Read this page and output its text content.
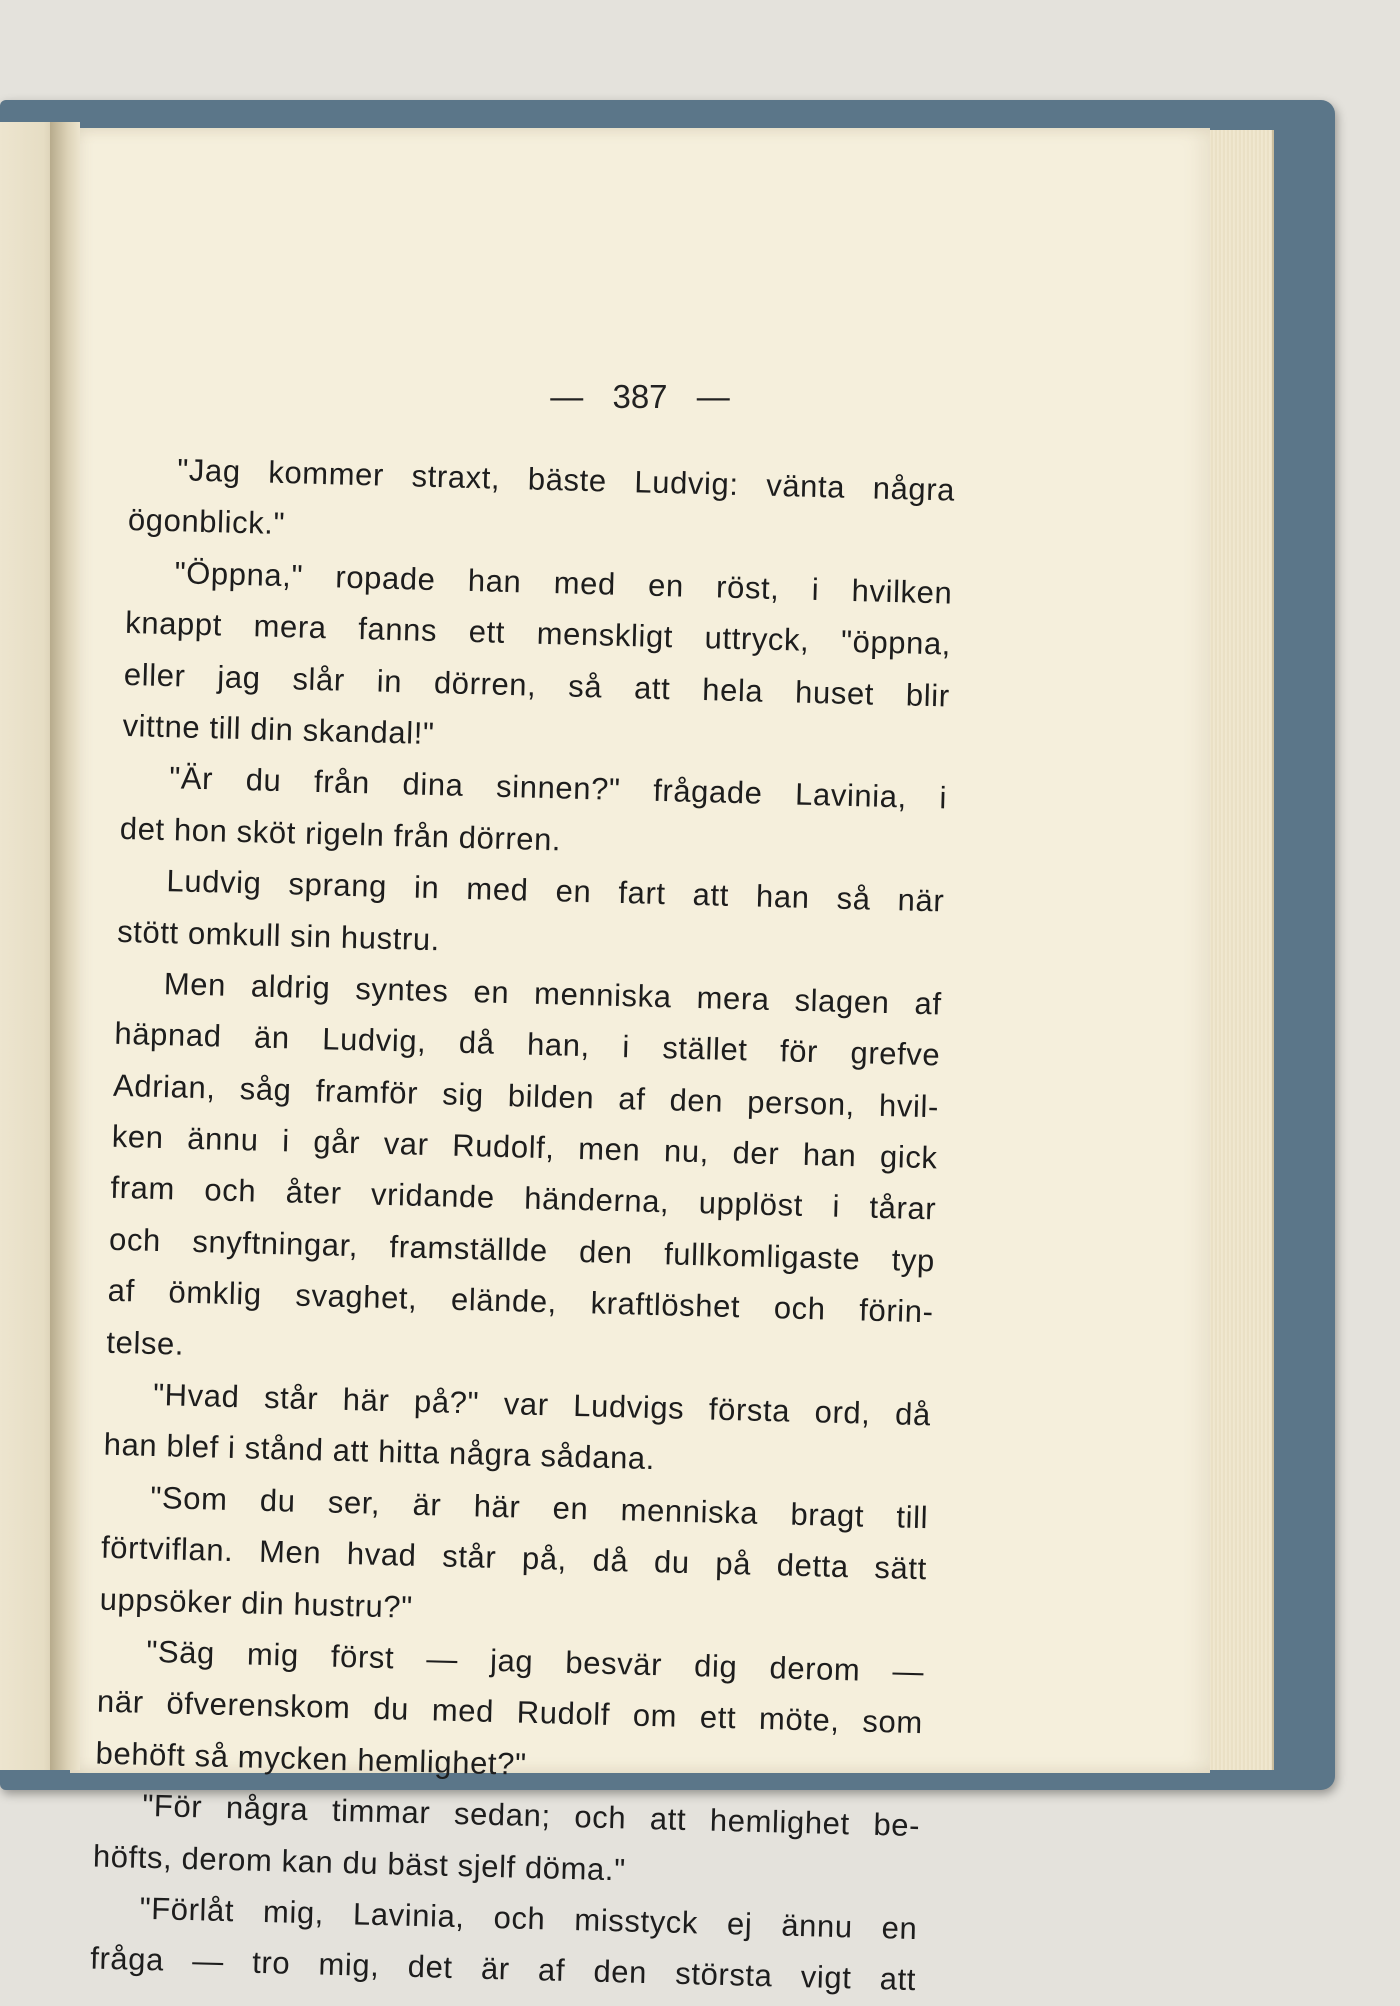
— 387 —
"Jag kommer straxt, bäste Ludvig: vänta några
ögonblick."
"Öppna," ropade han med en röst, i hvilken
knappt mera fanns ett menskligt uttryck, "öppna,
eller jag slår in dörren, så att hela huset blir
vittne till din skandal!"
"Är du från dina sinnen?" frågade Lavinia, i
det hon sköt rigeln från dörren.
Ludvig sprang in med en fart att han så när
stött omkull sin hustru.
Men aldrig syntes en menniska mera slagen af
häpnad än Ludvig, då han, i stället för grefve
Adrian, såg framför sig bilden af den person, hvil-
ken ännu i går var Rudolf, men nu, der han gick
fram och åter vridande händerna, upplöst i tårar
och snyftningar, framställde den fullkomligaste typ
af ömklig svaghet, elände, kraftlöshet och förin-
telse.
"Hvad står här på?" var Ludvigs första ord, då
han blef i stånd att hitta några sådana.
"Som du ser, är här en menniska bragt till
förtviflan. Men hvad står på, då du på detta sätt
uppsöker din hustru?"
"Säg mig först — jag besvär dig derom —
när öfverenskom du med Rudolf om ett möte, som
behöft så mycken hemlighet?"
"För några timmar sedan; och att hemlighet be-
höfts, derom kan du bäst sjelf döma."
"Förlåt mig, Lavinia, och misstyck ej ännu en
fråga — tro mig, det är af den största vigt att
